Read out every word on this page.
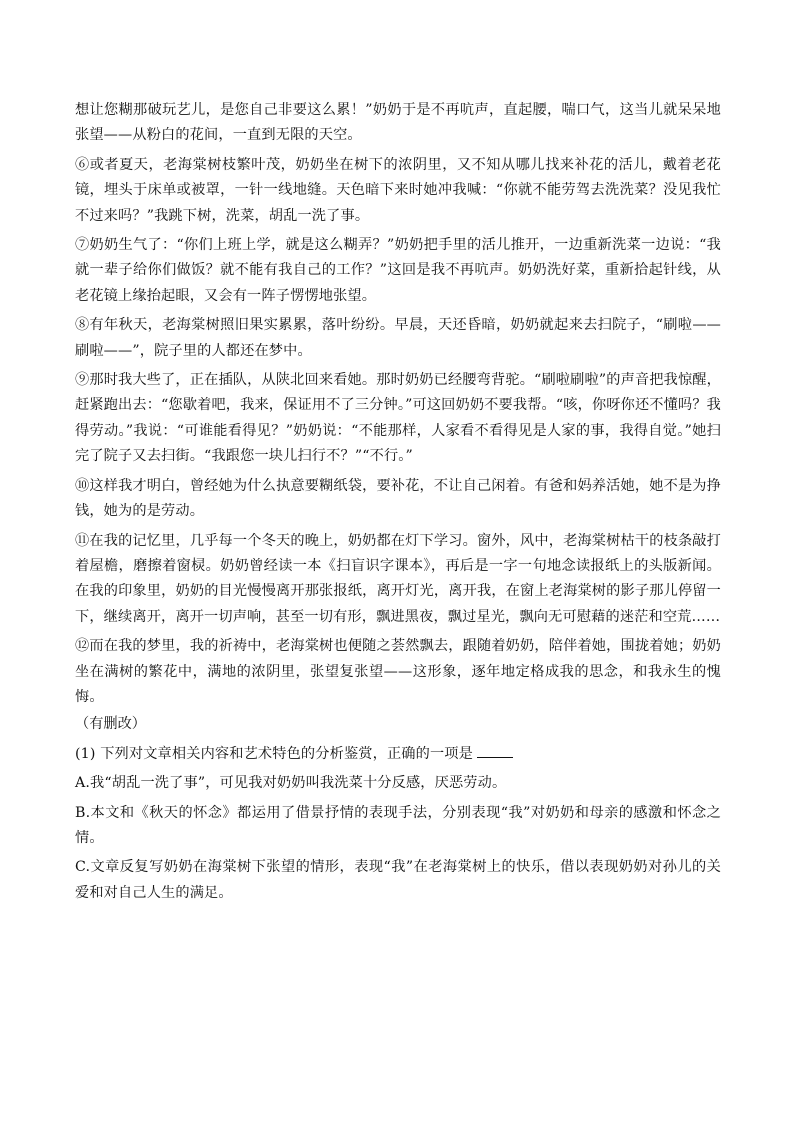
想让您糊那破玩艺儿，是您自己非要这么累！”奶奶于是不再吭声，直起腰，喘口气，这当儿就呆呆地张望——从粉白的花间，一直到无限的天空。

⑥或者夏天，老海棠树枝繁叶茂，奶奶坐在树下的浓阴里，又不知从哪儿找来补花的活儿，戴着老花镜，埋头于床单或被罩，一针一线地缝。天色暗下来时她冲我喊：“你就不能劳驾去洗洗菜？没见我忙不过来吗？”我跳下树，洗菜，胡乱一洗了事。

⑦奶奶生气了：“你们上班上学，就是这么糊弄？”奶奶把手里的活儿推开，一边重新洗菜一边说：“我就一辈子给你们做饭？就不能有我自己的工作？”这回是我不再吭声。奶奶洗好菜，重新拾起针线，从老花镜上缘抬起眼，又会有一阵子愣愣地张望。

⑧有年秋天，老海棠树照旧果实累累，落叶纷纷。早晨，天还昏暗，奶奶就起来去扫院子，“刷啦——刷啦——”，院子里的人都还在梦中。

⑨那时我大些了，正在插队，从陕北回来看她。那时奶奶已经腰弯背驼。“刷啦刷啦”的声音把我惊醒，赶紧跑出去：“您歇着吧，我来，保证用不了三分钟。”可这回奶奶不要我帮。“咳，你呀你还不懂吗？我得劳动。”我说：“可谁能看得见？”奶奶说：“不能那样，人家看不看得见是人家的事，我得自觉。”她扫完了院子又去扫街。“我跟您一块儿扫行不？”“不行。”

⑩这样我才明白，曾经她为什么执意要糊纸袋，要补花，不让自己闲着。有爸和妈养活她，她不是为挣钱，她为的是劳动。

⑪在我的记忆里，几乎每一个冬天的晚上，奶奶都在灯下学习。窗外，风中，老海棠树枯干的枝条敲打着屋檐，磨擦着窗棂。奶奶曾经读一本《扫盲识字课本》，再后是一字一句地念读报纸上的头版新闻。在我的印象里，奶奶的目光慢慢离开那张报纸，离开灯光，离开我，在窗上老海棠树的影子那儿停留一下，继续离开，离开一切声响，甚至一切有形，飘进黑夜，飘过星光，飘向无可慰藉的迷茫和空荒……

⑫而在我的梦里，我的祈祷中，老海棠树也便随之荟然飘去，跟随着奶奶，陪伴着她，围拢着她；奶奶坐在满树的繁花中，满地的浓阴里，张望复张望——这形象，逐年地定格成我的思念，和我永生的愧悔。

（有删改）

(1) 下列对文章相关内容和艺术特色的分析鉴赏，正确的一项是

A.我“胡乱一洗了事”，可见我对奶奶叫我洗菜十分反感，厌恶劳动。

B.本文和《秋天的怀念》都运用了借景抒情的表现手法，分别表现“我”对奶奶和母亲的感激和怀念之情。

C.文章反复写奶奶在海棠树下张望的情形，表现“我”在老海棠树上的快乐，借以表现奶奶对孙儿的关爱和对自己人生的满足。
